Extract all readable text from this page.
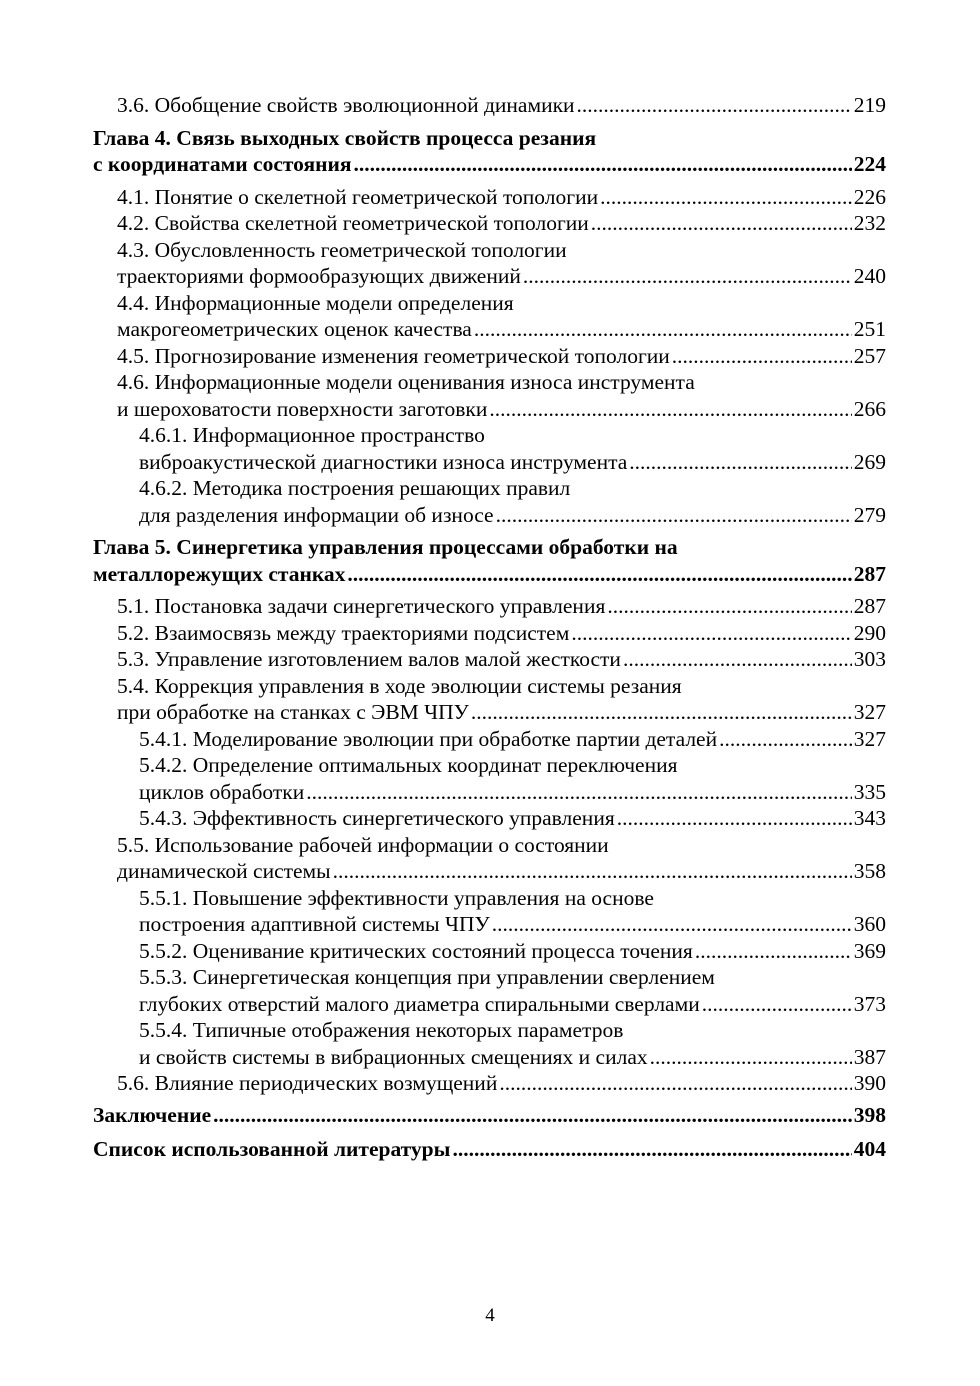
3.6. Обобщение свойств эволюционной динамики .....	219
Глава 4. Связь выходных свойств процесса резания
с координатами состояния .....	224
4.1. Понятие о скелетной геометрической топологии .....	226
4.2. Свойства скелетной геометрической топологии .....	232
4.3. Обусловленность геометрической топологии
траекториями формообразующих движений .....	240
4.4. Информационные модели определения
макрогеометрических оценок качества .....	251
4.5. Прогнозирование изменения геометрической топологии .....	257
4.6. Информационные модели оценивания износа инструмента
и шероховатости поверхности заготовки .....	266
4.6.1. Информационное пространство
виброакустической диагностики износа инструмента .....	269
4.6.2. Методика построения решающих правил
для разделения информации об износе .....	279
Глава 5. Синергетика управления процессами обработки на
металлорежущих станках .....	287
5.1. Постановка задачи синергетического управления .....	287
5.2. Взаимосвязь между траекториями подсистем .....	290
5.3. Управление изготовлением валов малой жесткости .....	303
5.4. Коррекция управления в ходе эволюции системы резания
при обработке на станках с ЭВМ ЧПУ .....	327
5.4.1. Моделирование эволюции при обработке партии деталей .....	327
5.4.2. Определение оптимальных координат переключения
циклов обработки .....	335
5.4.3. Эффективность синергетического управления .....	343
5.5. Использование рабочей информации о состоянии
динамической системы .....	358
5.5.1. Повышение эффективности управления на основе
построения адаптивной системы ЧПУ .....	360
5.5.2. Оценивание критических состояний процесса точения .....	369
5.5.3. Синергетическая концепция при управлении сверлением
глубоких отверстий малого диаметра спиральными сверлами .....	373
5.5.4. Типичные отображения некоторых параметров
и свойств системы в вибрационных смещениях и силах .....	387
5.6. Влияние периодических возмущений .....	390
Заключение .....	398
Список использованной литературы .....	404
4
